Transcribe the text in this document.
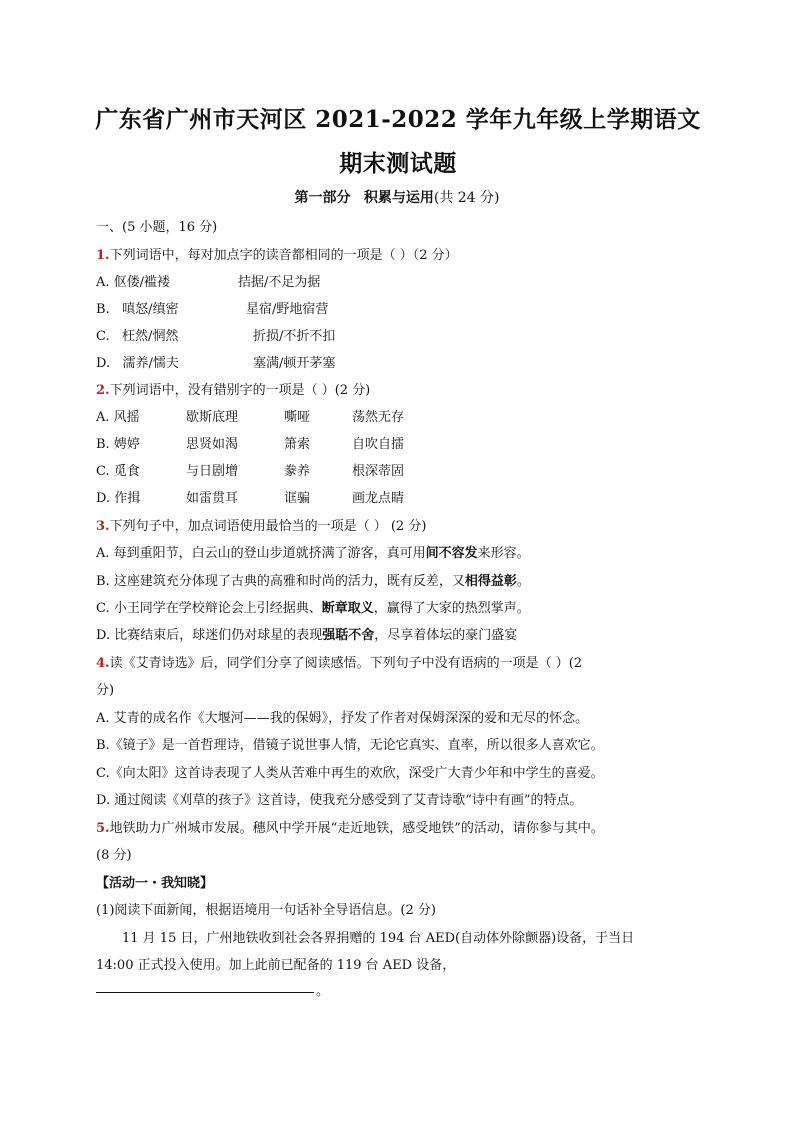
广东省广州市天河区 2021-2022 学年九年级上学期语文期末测试题
第一部分 积累与运用(共 24 分)
一、(5 小题，16 分)
1.下列词语中，每对加点字的读音都相同的一项是（ ）（2 分）
A. 伛偻/褴褛	拮据/不足为据
B. 嗔怒/缜密	星宿/野地宿营
C. 枉然/惘然	折损/不折不扣
D. 濡养/懦夫	塞满/顿开茅塞
2.下列词语中，没有错别字的一项是（ ）(2 分)
A. 风摇	歇斯底理	嘶哑	荡然无存
B. 娉婷	思贤如渴	箫索	自吹自擂
C. 觅食	与日剧增	豢养	根深蒂固
D. 作揖	如雷贯耳	诓骗	画龙点睛
3.下列句子中，加点词语使用最恰当的一项是（ ） (2 分)
A. 每到重阳节，白云山的登山步道就挤满了游客，真可用间不容发来形容。
B. 这座建筑充分体现了古典的高雅和时尚的活力，既有反差，又相得益彰。
C. 小王同学在学校辩论会上引经据典、断章取义，赢得了大家的热烈掌声。
D. 比赛结束后，球迷们仍对球星的表现强聒不舍，尽享着体坛的豪门盛宴
4.读《艾青诗选》后，同学们分享了阅读感悟。下列句子中没有语病的一项是（ ）(2
分)
A. 艾青的成名作《大堰河——我的保姆》，抒发了作者对保姆深深的爱和无尽的怀念。
B.《镜子》是一首哲理诗，借镜子说世事人情，无论它真实、直率，所以很多人喜欢它。
C.《向太阳》这首诗表现了人类从苦难中再生的欢欣，深受广大青少年和中学生的喜爱。
D. 通过阅读《刈草的孩子》这首诗，使我充分感受到了艾青诗歌“诗中有画”的特点。
5.地铁助力广州城市发展。穗风中学开展“走近地铁，感受地铁”的活动，请你参与其中。
(8 分)
【活动一・我知晓】
(1)阅读下面新闻，根据语境用一句话补全导语信息。(2 分)
11 月 15 日，广州地铁收到社会各界捐赠的 194 台 AED(自动体外除颤器)设备，于当日
14:00 正式投入使用。加上此前已配备的 119 台 AED 设备，
。
